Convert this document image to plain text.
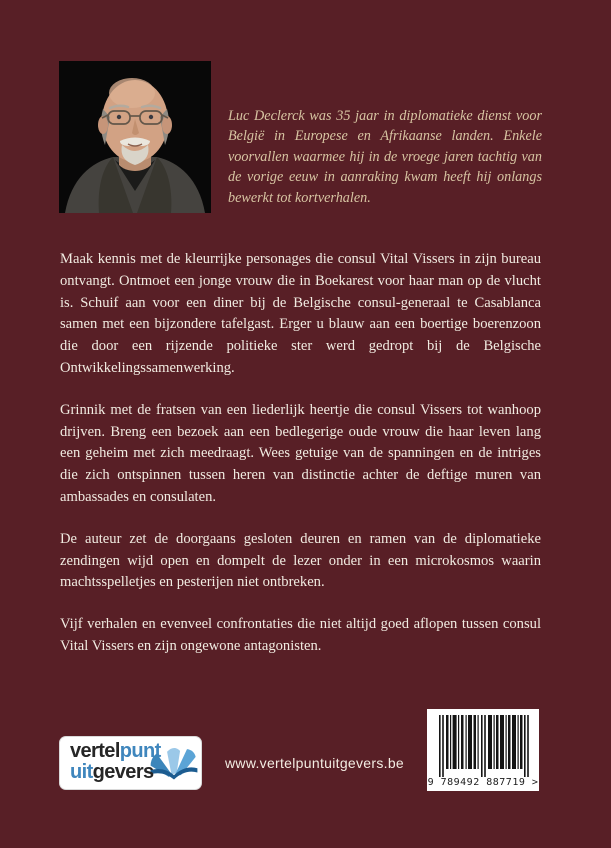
Luc Declerck was 35 jaar in diplomatieke dienst voor België in Europese en Afrikaanse landen. Enkele voorvallen waarmee hij in de vroege jaren tachtig van de vorige eeuw in aanraking kwam heeft hij onlangs bewerkt tot kortverhalen.

Maak kennis met de kleurrijke personages die consul Vital Vissers in zijn bureau ontvangt. Ontmoet een jonge vrouw die in Boekarest voor haar man op de vlucht is. Schuif aan voor een diner bij de Belgische consul-generaal te Casablanca samen met een bijzondere tafelgast. Erger u blauw aan een boertige boerenzoon die door een rijzende politieke ster werd gedropt bij de Belgische Ontwikkelingssamenwerking.

Grinnik met de fratsen van een liederlijk heertje die consul Vissers tot wanhoop drijven. Breng een bezoek aan een bedlegerige oude vrouw die haar leven lang een geheim met zich meedraagt. Wees getuige van de spanningen en de intriges die zich ontspinnen tussen heren van distinctie achter de deftige muren van ambassades en consulaten.

De auteur zet de doorgaans gesloten deuren en ramen van de diplomatieke zendingen wijd open en dompelt de lezer onder in een microkosmos waarin machtsspelletjes en pesterijen niet ontbreken.

Vijf verhalen en evenveel confrontaties die niet altijd goed aflopen tussen consul Vital Vissers en zijn ongewone antagonisten.

vertelpunt
uitgevers	www.vertelpuntuitgevers.be
9 789492 887719 >
